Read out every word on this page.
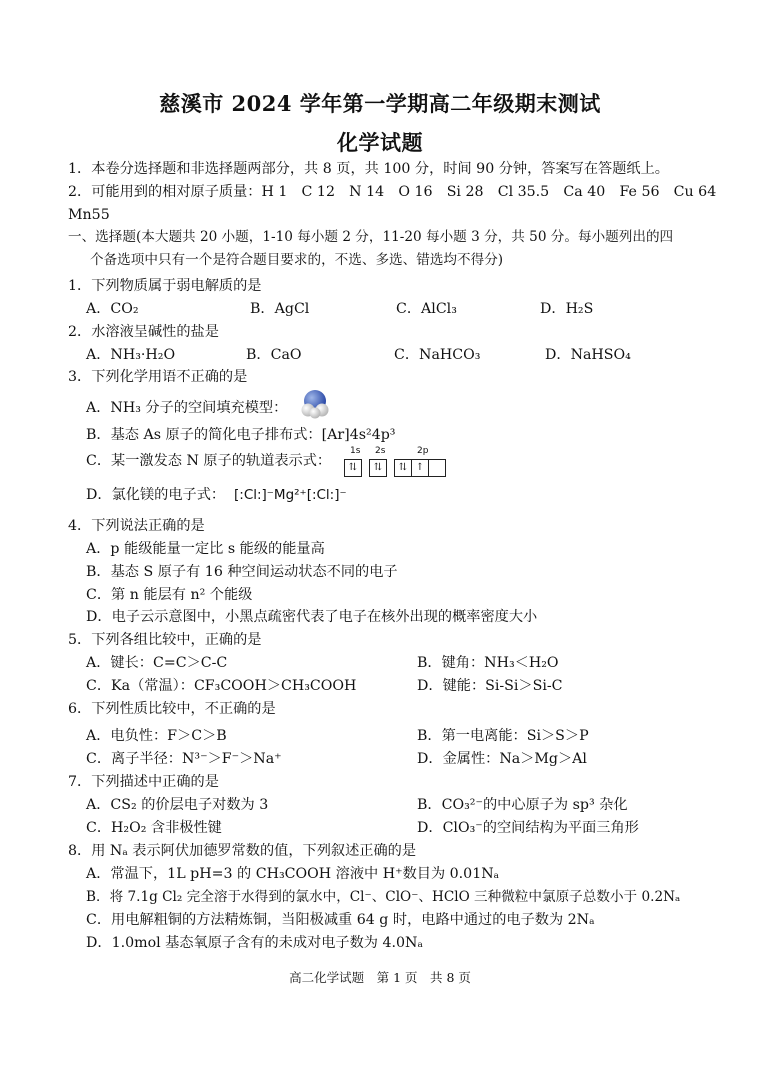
慈溪市 2024 学年第一学期高二年级期末测试
化学试题
1．本卷分选择题和非选择题两部分，共 8 页，共 100 分，时间 90 分钟，答案写在答题纸上。
2．可能用到的相对原子质量：H 1　C 12　N 14　O 16　Si 28　Cl 35.5　Ca 40　Fe 56　Cu 64
Mn55
一、选择题(本大题共 20 小题，1-10 每小题 2 分，11-20 每小题 3 分，共 50 分。每小题列出的四
个备选项中只有一个是符合题目要求的，不选、多选、错选均不得分)
1．下列物质属于弱电解质的是
A．CO₂	B．AgCl	C．AlCl₃	D．H₂S
2．水溶液呈碱性的盐是
A．NH₃·H₂O	B．CaO	C．NaHCO₃	D．NaHSO₄
3．下列化学用语不正确的是
A．NH₃ 分子的空间填充模型：
B．基态 As 原子的简化电子排布式：[Ar]4s²4p³
C．某一激发态 N 原子的轨道表示式：
1s 2s	2p
⇅ ⇅ ⇅ ↑
D．氯化镁的电子式： [:Cl:]⁻Mg²⁺[:Cl:]⁻
4．下列说法正确的是
A．p 能级能量一定比 s 能级的能量高
B．基态 S 原子有 16 种空间运动状态不同的电子
C．第 n 能层有 n² 个能级
D．电子云示意图中，小黑点疏密代表了电子在核外出现的概率密度大小
5．下列各组比较中，正确的是
A．键长：C=C＞C-C	B．键角：NH₃＜H₂O
C．Ka（常温）：CF₃COOH＞CH₃COOH	D．键能：Si-Si＞Si-C
6．下列性质比较中，不正确的是
A．电负性：F＞C＞B	B．第一电离能：Si＞S＞P
C．离子半径：N³⁻＞F⁻＞Na⁺	D．金属性：Na＞Mg＞Al
7．下列描述中正确的是
A．CS₂ 的价层电子对数为 3	B．CO₃²⁻的中心原子为 sp³ 杂化
C．H₂O₂ 含非极性键	D．ClO₃⁻的空间结构为平面三角形
8．用 Nₐ 表示阿伏加德罗常数的值，下列叙述正确的是
A．常温下，1L pH=3 的 CH₃COOH 溶液中 H⁺数目为 0.01Nₐ
B．将 7.1g Cl₂ 完全溶于水得到的氯水中，Cl⁻、ClO⁻、HClO 三种微粒中氯原子总数小于 0.2Nₐ
C．用电解粗铜的方法精炼铜，当阳极减重 64 g 时，电路中通过的电子数为 2Nₐ
D．1.0mol 基态氧原子含有的未成对电子数为 4.0Nₐ
高二化学试题　第 1 页　共 8 页
